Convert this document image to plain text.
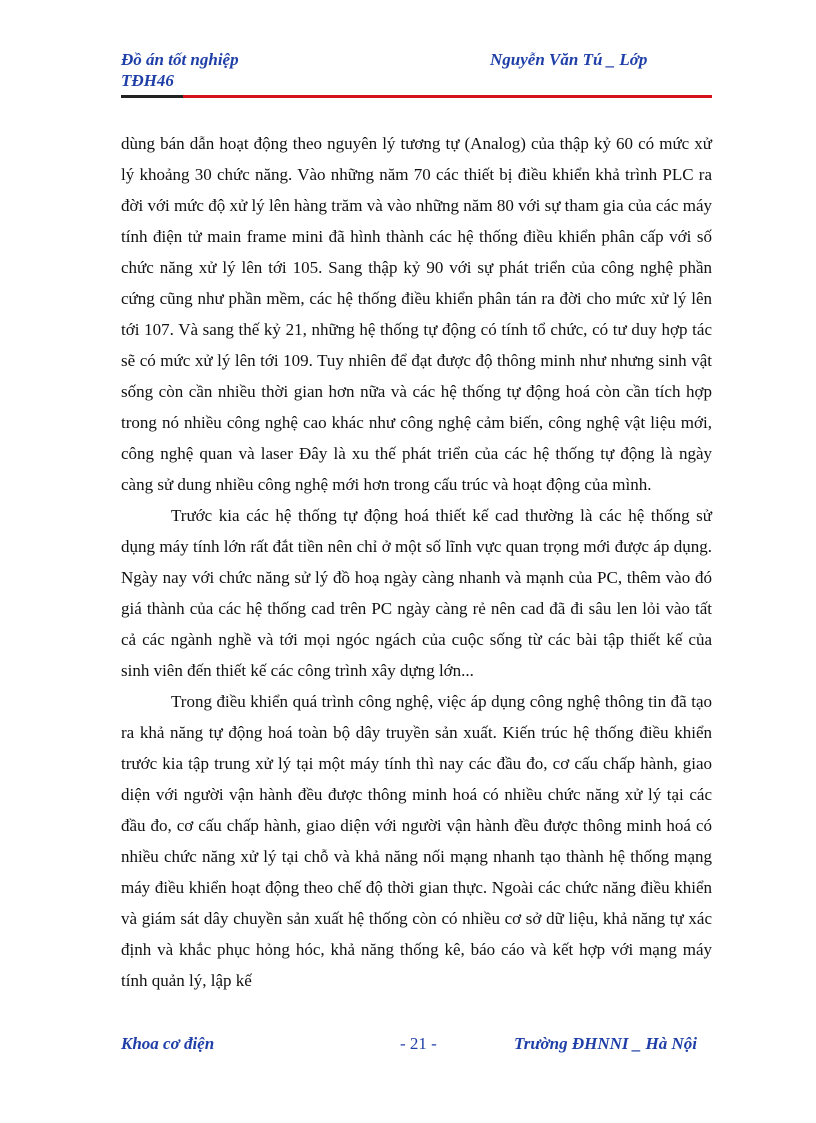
Đồ án tốt nghiệp	Nguyễn Văn Tú _ Lớp

TĐH46

dùng bán dẫn hoạt động theo nguyên lý tương tự (Analog) của thập kỷ 60 có mức xử lý khoảng 30 chức năng. Vào những năm 70 các thiết bị điều khiển khả trình PLC ra đời với mức độ xử lý lên hàng trăm và vào những năm 80 với sự tham gia của các máy tính điện tử main frame mini đã hình thành các hệ thống điều khiển phân cấp với số chức năng xử lý lên tới 105. Sang thập kỷ 90 với sự phát triển của công nghệ phần cứng cũng như phần mềm, các hệ thống điều khiển phân tán ra đời cho mức xử lý lên tới 107. Và sang thế kỷ 21, những hệ thống tự động có tính tổ chức, có tư duy hợp tác sẽ có mức xử lý lên tới 109. Tuy nhiên để đạt được độ thông minh như nhưng sinh vật sống còn cần nhiều thời gian hơn nữa và các hệ thống tự động hoá còn cần tích hợp trong nó nhiều công nghệ cao khác như công nghệ cảm biến, công nghệ vật liệu mới, công nghệ quan và laser Đây là xu thế phát triển của các hệ thống tự động là ngày càng sử dung nhiều công nghệ mới hơn trong cấu trúc và hoạt động của mình.

Trước kia các hệ thống tự động hoá thiết kế cad thường là các hệ thống sử dụng máy tính lớn rất đắt tiền nên chỉ ở một số lĩnh vực quan trọng mới được áp dụng. Ngày nay với chức năng sử lý đồ hoạ ngày càng nhanh và mạnh của PC, thêm vào đó giá thành của các hệ thống cad trên PC ngày càng rẻ nên cad đã đi sâu len lỏi vào tất cả các ngành nghề và tới mọi ngóc ngách của cuộc sống từ các bài tập thiết kế của sinh viên đến thiết kế các công trình xây dựng lớn...

Trong điều khiển quá trình công nghệ, việc áp dụng công nghệ thông tin đã tạo ra khả năng tự động hoá toàn bộ dây truyền sản xuất. Kiến trúc hệ thống điều khiển trước kia tập trung xử lý tại một máy tính thì nay các đầu đo, cơ cấu chấp hành, giao diện với người vận hành đều được thông minh hoá có nhiều chức năng xử lý tại các đầu đo, cơ cấu chấp hành, giao diện với người vận hành đều được thông minh hoá có nhiều chức năng xử lý tại chỗ và khả năng nối mạng nhanh tạo thành hệ thống mạng máy điều khiển hoạt động theo chế độ thời gian thực. Ngoài các chức năng điều khiển và giám sát dây chuyền sản xuất hệ thống còn có nhiều cơ sở dữ liệu, khả năng tự xác định và khắc phục hỏng hóc, khả năng thống kê, báo cáo và kết hợp với mạng máy tính quản lý, lập kế

Khoa cơ điện	- 21 -	Trường ĐHNNI _ Hà Nội
